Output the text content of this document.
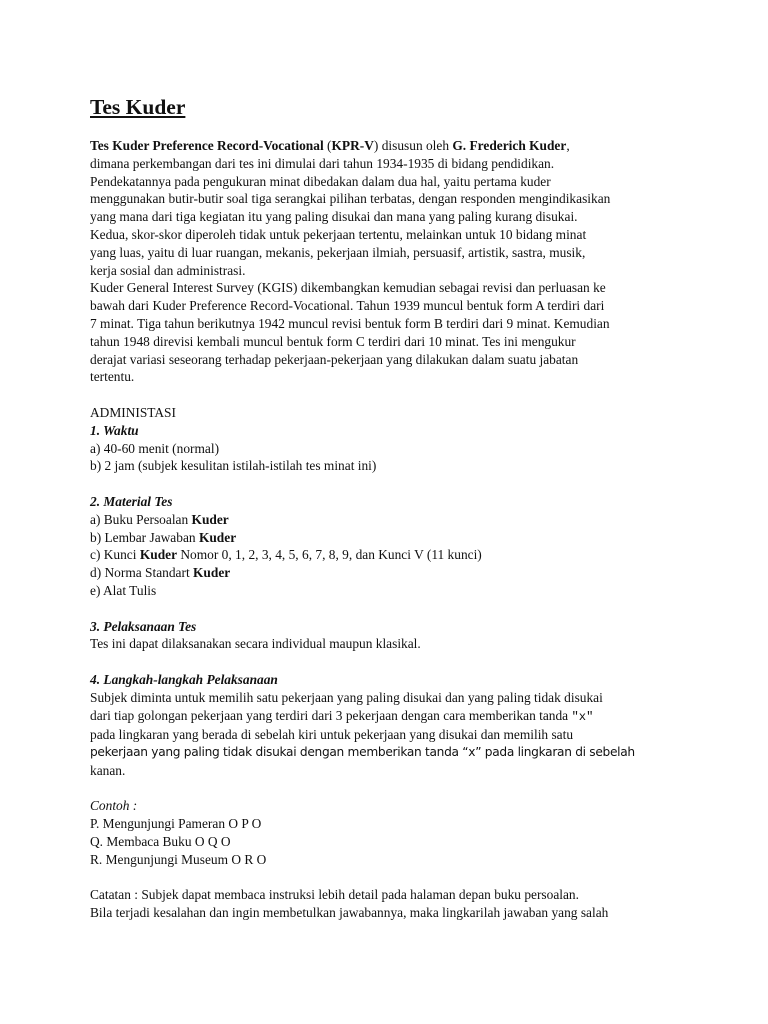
Tes Kuder

Tes Kuder Preference Record-Vocational (KPR-V) disusun oleh G. Frederich Kuder,

dimana perkembangan dari tes ini dimulai dari tahun 1934-1935 di bidang pendidikan.

Pendekatannya pada pengukuran minat dibedakan dalam dua hal, yaitu pertama kuder

menggunakan butir-butir soal tiga serangkai pilihan terbatas, dengan responden mengindikasikan

yang mana dari tiga kegiatan itu yang paling disukai dan mana yang paling kurang disukai.

Kedua, skor-skor diperoleh tidak untuk pekerjaan tertentu, melainkan untuk 10 bidang minat

yang luas, yaitu di luar ruangan, mekanis, pekerjaan ilmiah, persuasif, artistik, sastra, musik,

kerja sosial dan administrasi.

Kuder General Interest Survey (KGIS) dikembangkan kemudian sebagai revisi dan perluasan ke

bawah dari Kuder Preference Record-Vocational. Tahun 1939 muncul bentuk form A terdiri dari

7 minat. Tiga tahun berikutnya 1942 muncul revisi bentuk form B terdiri dari 9 minat. Kemudian

tahun 1948 direvisi kembali muncul bentuk form C terdiri dari 10 minat. Tes ini mengukur

derajat variasi seseorang terhadap pekerjaan-pekerjaan yang dilakukan dalam suatu jabatan

tertentu.

ADMINISTASI

1. Waktu

a) 40-60 menit (normal)

b) 2 jam (subjek kesulitan istilah-istilah tes minat ini)

2. Material Tes

a) Buku Persoalan Kuder

b) Lembar Jawaban Kuder

c) Kunci Kuder Nomor 0, 1, 2, 3, 4, 5, 6, 7, 8, 9, dan Kunci V (11 kunci)

d) Norma Standart Kuder

e) Alat Tulis

3. Pelaksanaan Tes

Tes ini dapat dilaksanakan secara individual maupun klasikal.

4. Langkah-langkah Pelaksanaan

Subjek diminta untuk memilih satu pekerjaan yang paling disukai dan yang paling tidak disukai

dari tiap golongan pekerjaan yang terdiri dari 3 pekerjaan dengan cara memberikan tanda "x"

pada lingkaran yang berada di sebelah kiri untuk pekerjaan yang disukai dan memilih satu

pekerjaan yang paling tidak disukai dengan memberikan tanda “x” pada lingkaran di sebelah

kanan.

Contoh :

P. Mengunjungi Pameran O P O

Q. Membaca Buku O Q O

R. Mengunjungi Museum O R O

Catatan : Subjek dapat membaca instruksi lebih detail pada halaman depan buku persoalan.

Bila terjadi kesalahan dan ingin membetulkan jawabannya, maka lingkarilah jawaban yang salah
